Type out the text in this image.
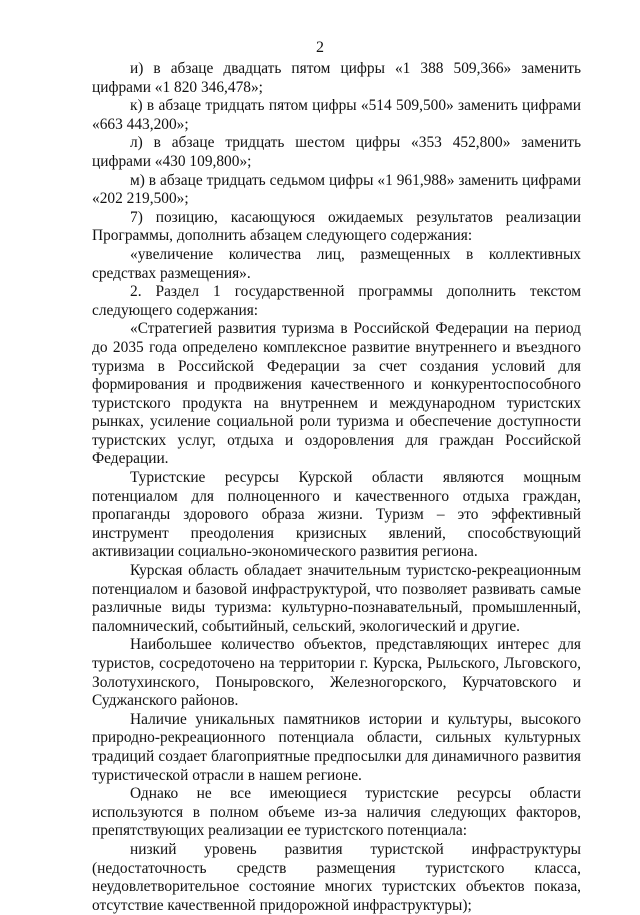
2

и) в абзаце двадцать пятом цифры «1 388 509,366» заменить цифрами «1 820 346,478»;

к) в абзаце тридцать пятом цифры «514 509,500» заменить цифрами «663 443,200»;

л) в абзаце тридцать шестом цифры «353 452,800» заменить цифрами «430 109,800»;

м) в абзаце тридцать седьмом цифры «1 961,988» заменить цифрами «202 219,500»;

7) позицию, касающуюся ожидаемых результатов реализации Программы, дополнить абзацем следующего содержания:

«увеличение количества лиц, размещенных в коллективных средствах размещения».

2. Раздел 1 государственной программы дополнить текстом следующего содержания:

«Стратегией развития туризма в Российской Федерации на период до 2035 года определено комплексное развитие внутреннего и въездного туризма в Российской Федерации за счет создания условий для формирования и продвижения качественного и конкурентоспособного туристского продукта на внутреннем и международном туристских рынках, усиление социальной роли туризма и обеспечение доступности туристских услуг, отдыха и оздоровления для граждан Российской Федерации.

Туристские ресурсы Курской области являются мощным потенциалом для полноценного и качественного отдыха граждан, пропаганды здорового образа жизни. Туризм – это эффективный инструмент преодоления кризисных явлений, способствующий активизации социально-экономического развития региона.

Курская область обладает значительным туристско-рекреационным потенциалом и базовой инфраструктурой, что позволяет развивать самые различные виды туризма: культурно-познавательный, промышленный, паломнический, событийный, сельский, экологический и другие.

Наибольшее количество объектов, представляющих интерес для туристов, сосредоточено на территории г. Курска, Рыльского, Льговского, Золотухинского, Поныровского, Железногорского, Курчатовского и Суджанского районов.

Наличие уникальных памятников истории и культуры, высокого природно-рекреационного потенциала области, сильных культурных традиций создает благоприятные предпосылки для динамичного развития туристической отрасли в нашем регионе.

Однако не все имеющиеся туристские ресурсы области используются в полном объеме из-за наличия следующих факторов, препятствующих реализации ее туристского потенциала:

низкий уровень развития туристской инфраструктуры (недостаточность средств размещения туристского класса, неудовлетворительное состояние многих туристских объектов показа, отсутствие качественной придорожной инфраструктуры);
